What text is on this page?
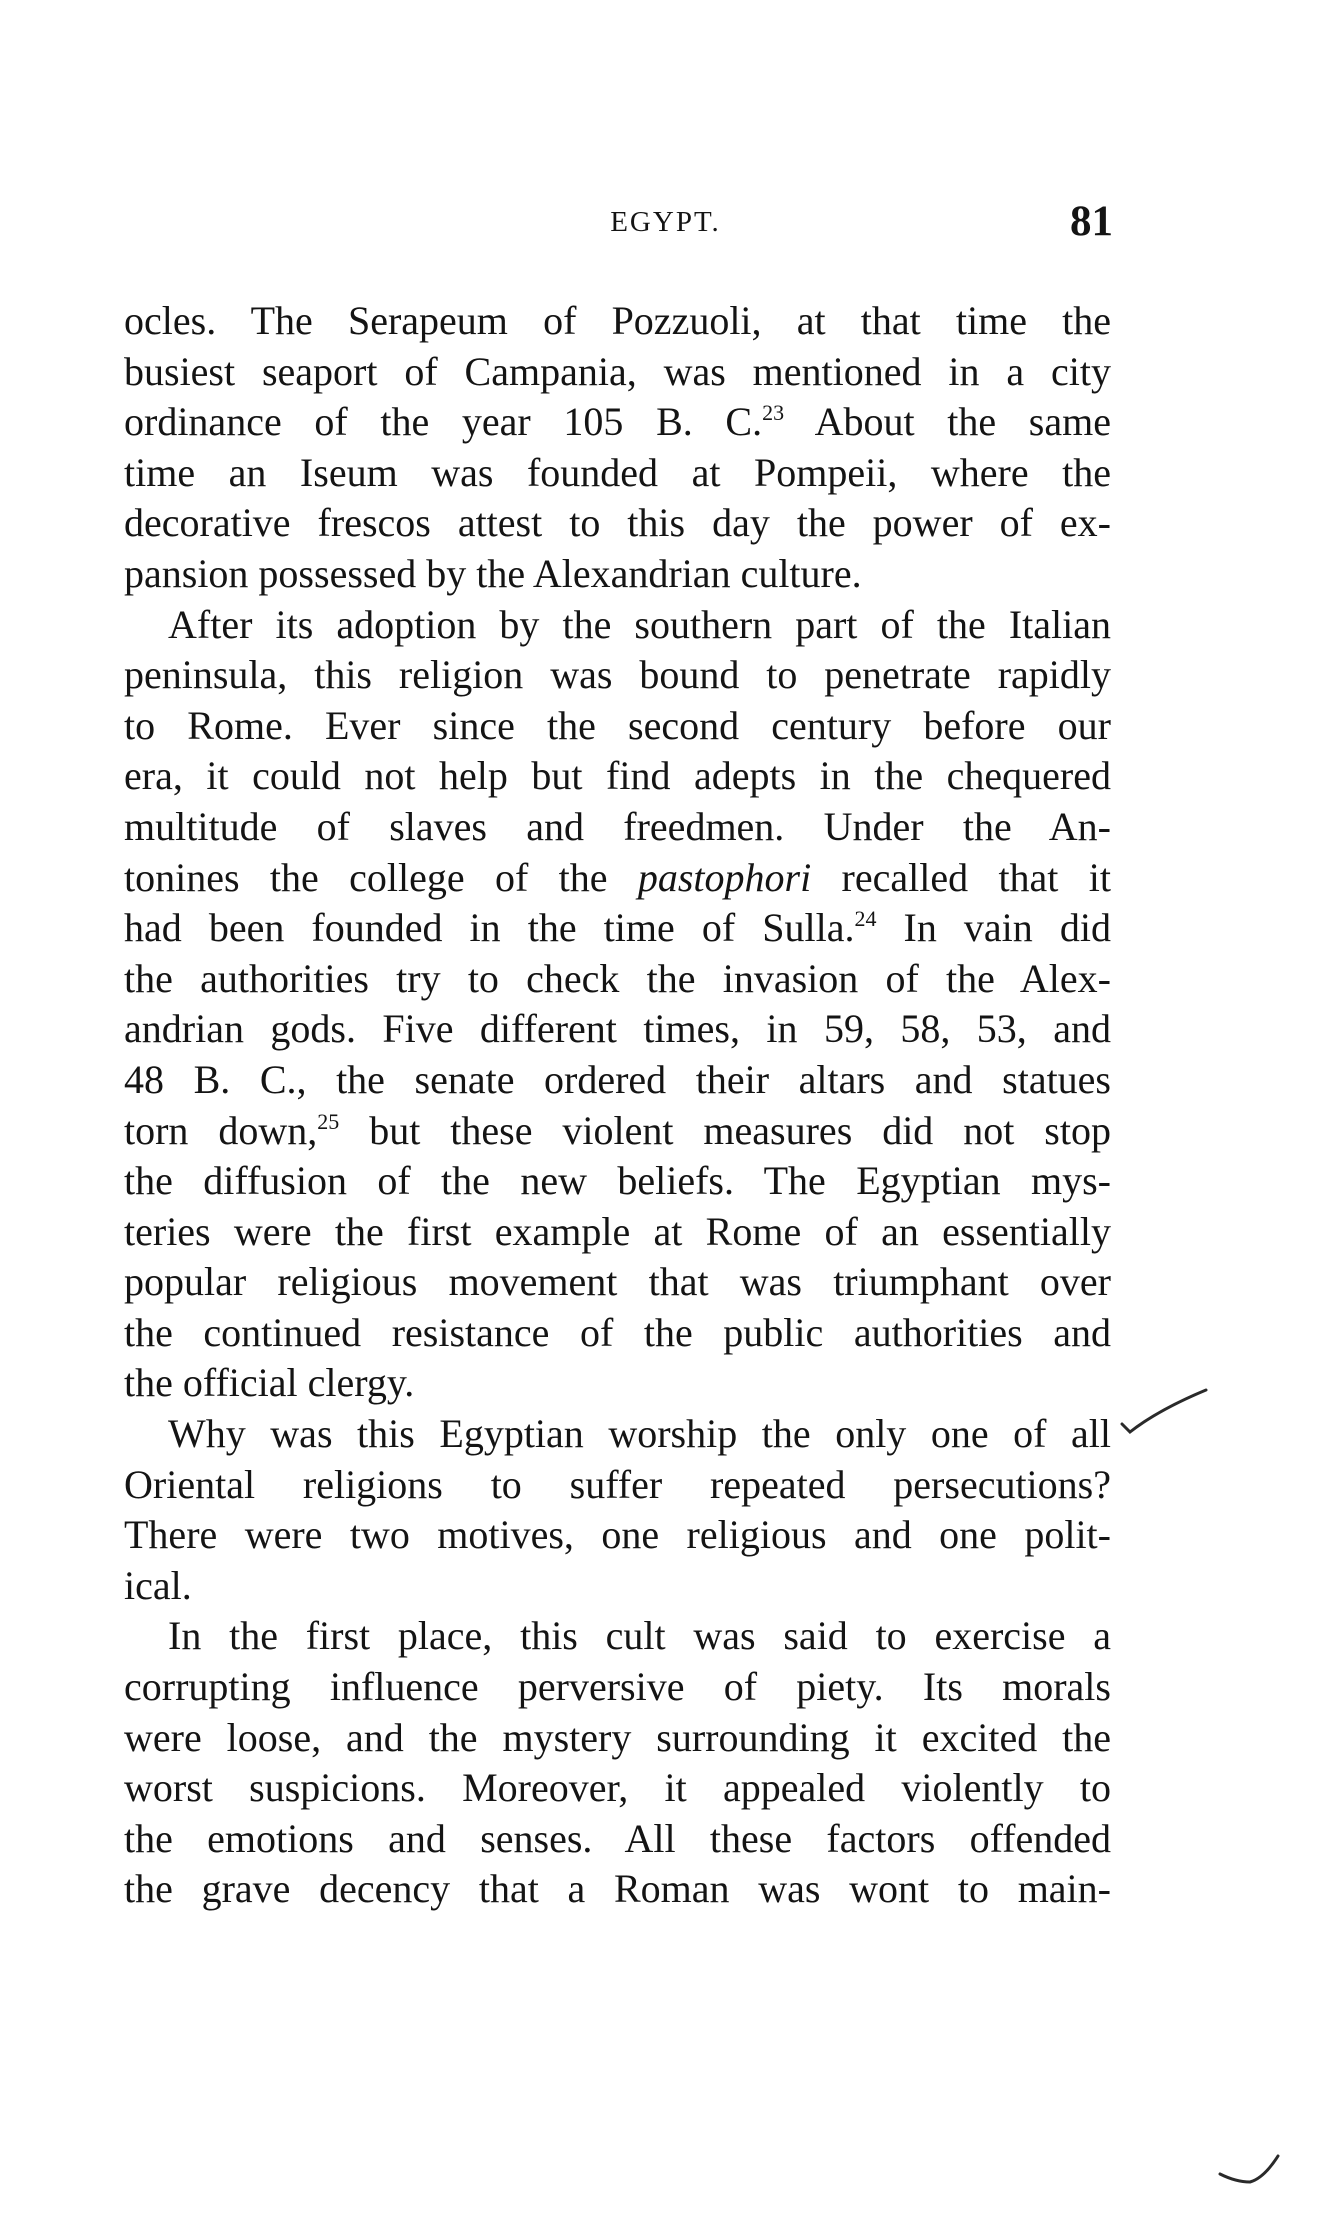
EGYPT.	81
ocles. The Serapeum of Pozzuoli, at that time the
busiest seaport of Campania, was mentioned in a city
ordinance of the year 105 B. C.$^{23}$ About the same
time an Iseum was founded at Pompeii, where the
decorative frescos attest to this day the power of ex-
pansion possessed by the Alexandrian culture.
After its adoption by the southern part of the Italian
peninsula, this religion was bound to penetrate rapidly
to Rome. Ever since the second century before our
era, it could not help but find adepts in the chequered
multitude of slaves and freedmen. Under the An-
tonines the college of the pastophori recalled that it
had been founded in the time of Sulla.$^{24}$ In vain did
the authorities try to check the invasion of the Alex-
andrian gods. Five different times, in 59, 58, 53, and
48 B. C., the senate ordered their altars and statues
torn down,$^{25}$ but these violent measures did not stop
the diffusion of the new beliefs. The Egyptian mys-
teries were the first example at Rome of an essentially
popular religious movement that was triumphant over
the continued resistance of the public authorities and
the official clergy.
Why was this Egyptian worship the only one of all
Oriental religions to suffer repeated persecutions?
There were two motives, one religious and one polit-
ical.
In the first place, this cult was said to exercise a
corrupting influence perversive of piety. Its morals
were loose, and the mystery surrounding it excited the
worst suspicions. Moreover, it appealed violently to
the emotions and senses. All these factors offended
the grave decency that a Roman was wont to main-
